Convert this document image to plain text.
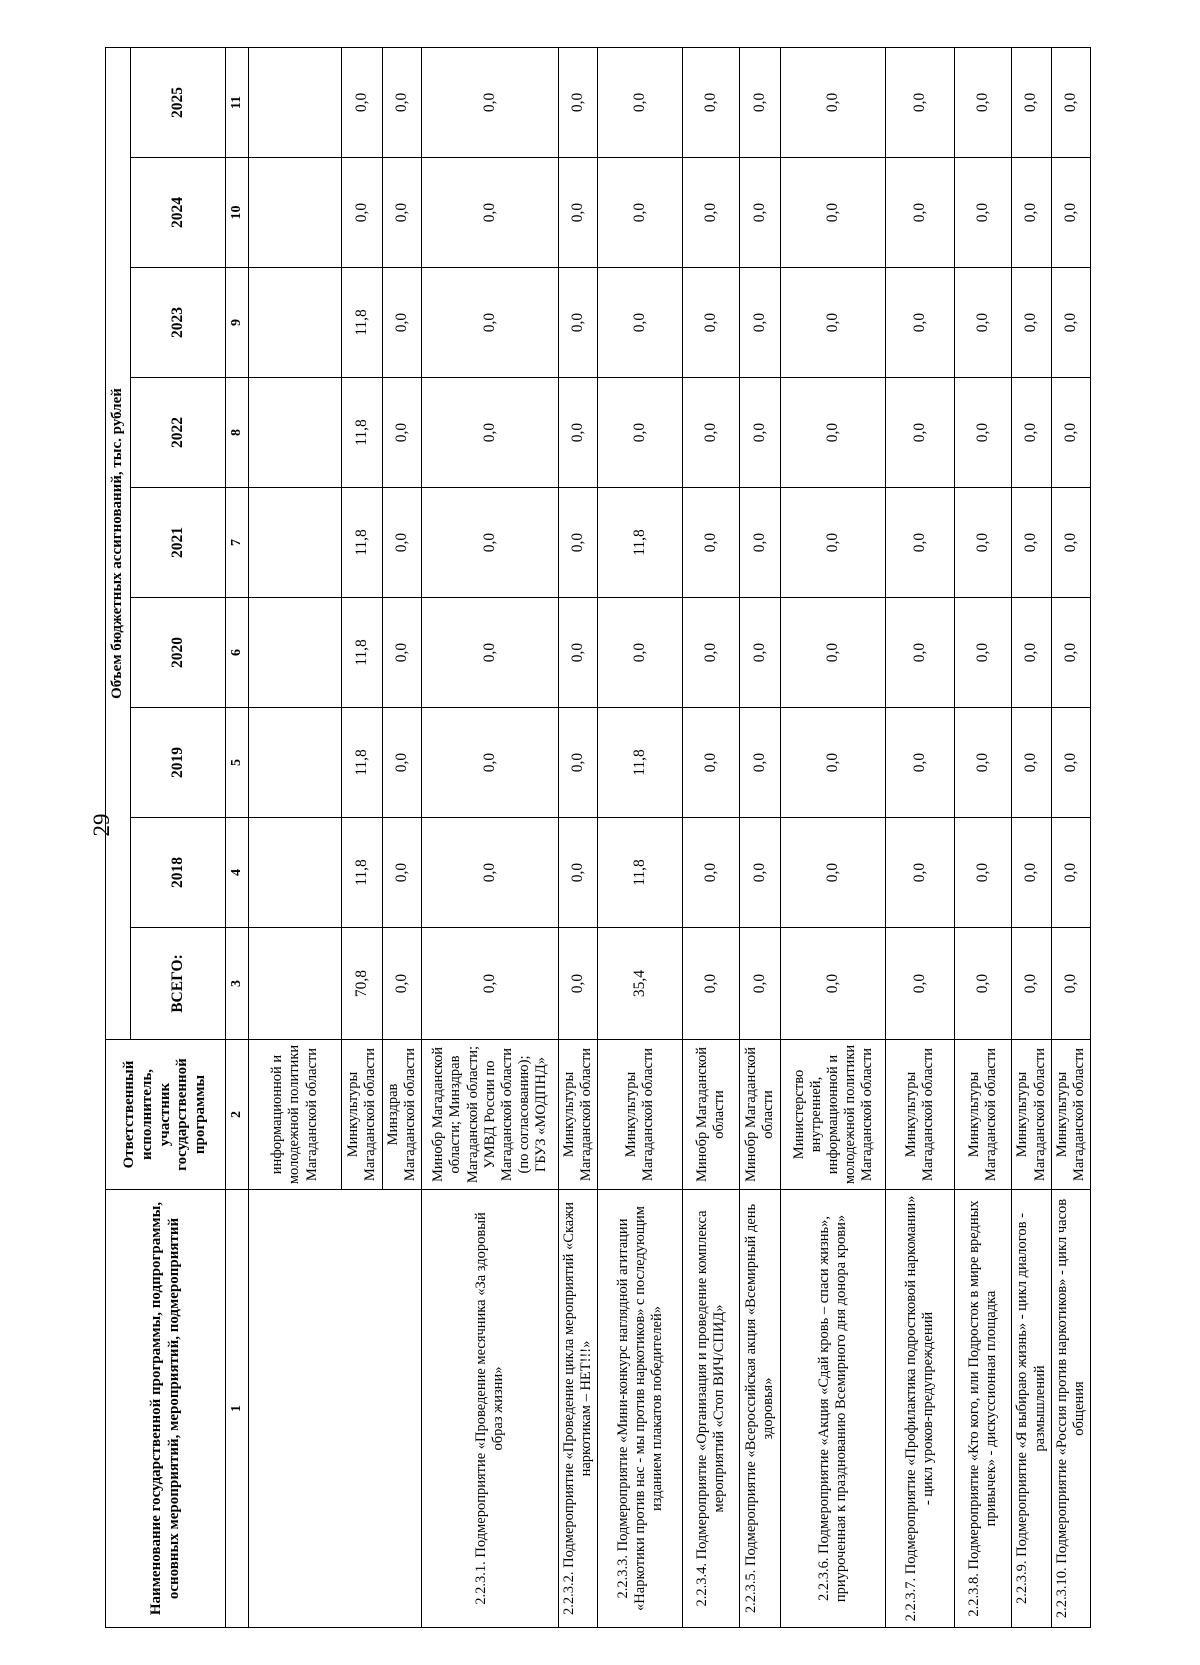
29
Наименование государственной программы, подпрограммы, основных мероприятий, мероприятий, подмероприятий	Ответственный исполнитель, участник государственной программы	Объем бюджетных ассигнований, тыс. рублей								
		ВСЕГО:	2018	2019	2020	2021	2022	2023	2024	2025
1	2	3	4	5	6	7	8	9	10	11
	информационной и молодежной политики Магаданской области									
	Минкультуры Магаданской области	70,8	11,8	11,8	11,8	11,8	11,8	11,8	0,0	0,0
	Минздрав Магаданской области	0,0	0,0	0,0	0,0	0,0	0,0	0,0	0,0	0,0
2.2.3.1. Подмероприятие «Проведение месячника «За здоровый образ жизни»	Минобр Магаданской области; Минздрав Магаданской области; УМВД России по Магаданской области (по согласованию); ГБУЗ «МОДПНД»	0,0	0,0	0,0	0,0	0,0	0,0	0,0	0,0	0,0
2.2.3.2. Подмероприятие «Проведение цикла мероприятий «Скажи наркотикам – НЕТ!!!»	Минкультуры Магаданской области	0,0	0,0	0,0	0,0	0,0	0,0	0,0	0,0	0,0
2.2.3.3. Подмероприятие «Мини-конкурс наглядной агитации «Наркотики против нас - мы против наркотиков» с последующим изданием плакатов победителей»	Минкультуры Магаданской области	35,4	11,8	11,8	0,0	11,8	0,0	0,0	0,0	0,0
2.2.3.4. Подмероприятие «Организация и проведение комплекса мероприятий «Стоп ВИЧ/СПИД»	Минобр Магаданской области	0,0	0,0	0,0	0,0	0,0	0,0	0,0	0,0	0,0
2.2.3.5. Подмероприятие «Всероссийская акция «Всемирный день здоровья»	Минобр Магаданской области	0,0	0,0	0,0	0,0	0,0	0,0	0,0	0,0	0,0
2.2.3.6. Подмероприятие «Акция «Сдай кровь – спаси жизнь», приуроченная к празднованию Всемирного дня донора крови»	Министерство внутренней, информационной и молодежной политики Магаданской области	0,0	0,0	0,0	0,0	0,0	0,0	0,0	0,0	0,0
2.2.3.7. Подмероприятие «Профилактика подростковой наркомании» - цикл уроков-предупреждений	Минкультуры Магаданской области	0,0	0,0	0,0	0,0	0,0	0,0	0,0	0,0	0,0
2.2.3.8. Подмероприятие «Кто кого, или Подросток в мире вредных привычек» - дискуссионная площадка	Минкультуры Магаданской области	0,0	0,0	0,0	0,0	0,0	0,0	0,0	0,0	0,0
2.2.3.9. Подмероприятие «Я выбираю жизнь» - цикл диалогов - размышлений	Минкультуры Магаданской области	0,0	0,0	0,0	0,0	0,0	0,0	0,0	0,0	0,0
2.2.3.10. Подмероприятие «Россия против наркотиков» - цикл часов общения	Минкультуры Магаданской области	0,0	0,0	0,0	0,0	0,0	0,0	0,0	0,0	0,0
